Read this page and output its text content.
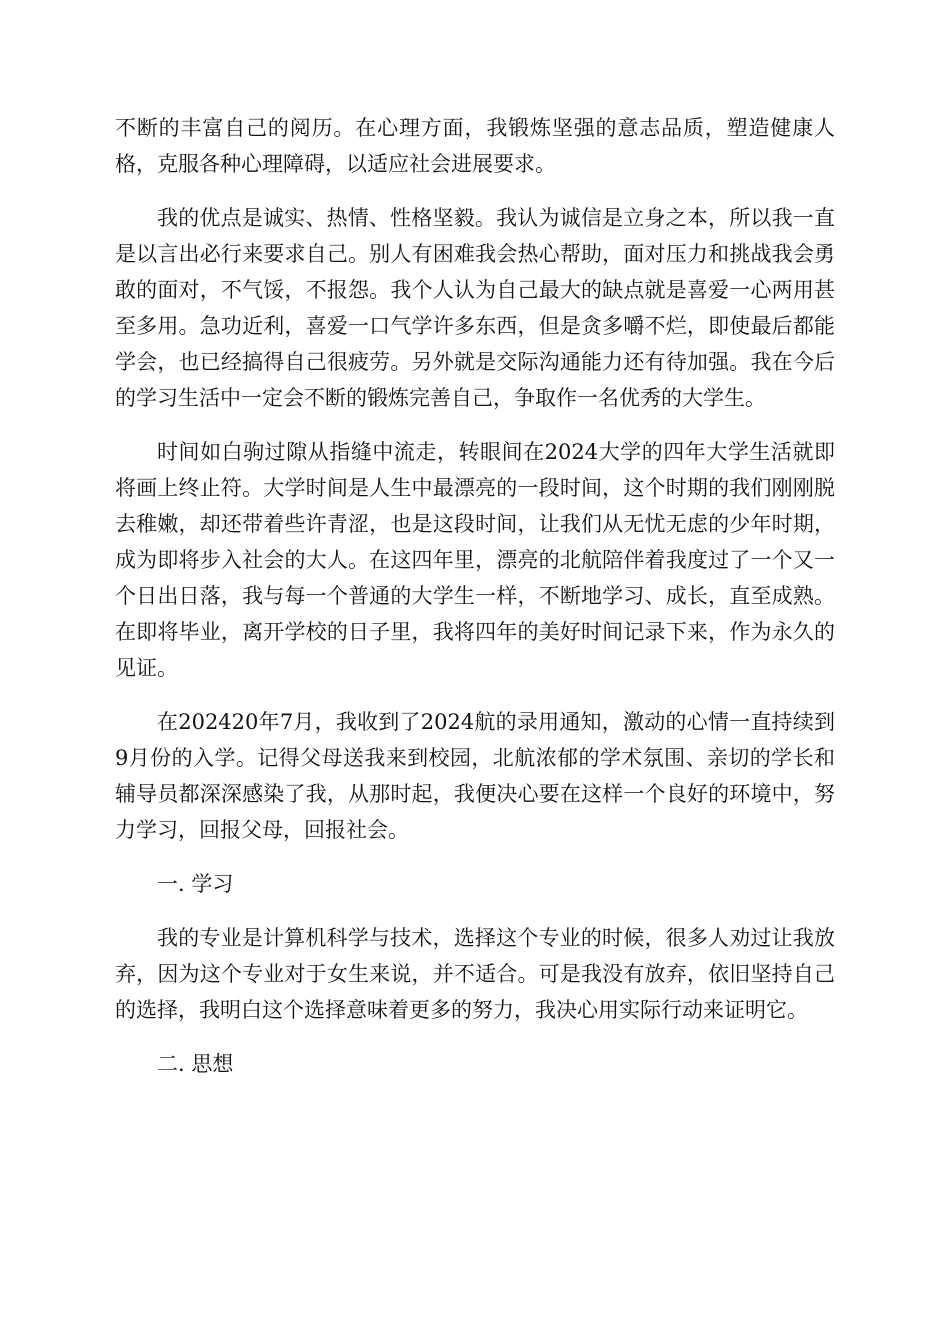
不断的丰富自己的阅历。在心理方面，我锻炼坚强的意志品质，塑造健康人格，克服各种心理障碍，以适应社会进展要求。

我的优点是诚实、热情、性格坚毅。我认为诚信是立身之本，所以我一直是以言出必行来要求自己。别人有困难我会热心帮助，面对压力和挑战我会勇敢的面对，不气馁，不报怨。我个人认为自己最大的缺点就是喜爱一心两用甚至多用。急功近利，喜爱一口气学许多东西，但是贪多嚼不烂，即使最后都能学会，也已经搞得自己很疲劳。另外就是交际沟通能力还有待加强。我在今后的学习生活中一定会不断的锻炼完善自己，争取作一名优秀的大学生。

时间如白驹过隙从指缝中流走，转眼间在2024大学的四年大学生活就即将画上终止符。大学时间是人生中最漂亮的一段时间，这个时期的我们刚刚脱去稚嫩，却还带着些许青涩，也是这段时间，让我们从无忧无虑的少年时期，成为即将步入社会的大人。在这四年里，漂亮的北航陪伴着我度过了一个又一个日出日落，我与每一个普通的大学生一样，不断地学习、成长，直至成熟。在即将毕业，离开学校的日子里，我将四年的美好时间记录下来，作为永久的见证。

在202420年7月，我收到了2024航的录用通知，激动的心情一直持续到9月份的入学。记得父母送我来到校园，北航浓郁的学术氛围、亲切的学长和辅导员都深深感染了我，从那时起，我便决心要在这样一个良好的环境中，努力学习，回报父母，回报社会。

一. 学习

我的专业是计算机科学与技术，选择这个专业的时候，很多人劝过让我放弃，因为这个专业对于女生来说，并不适合。可是我没有放弃，依旧坚持自己的选择，我明白这个选择意味着更多的努力，我决心用实际行动来证明它。

二. 思想
